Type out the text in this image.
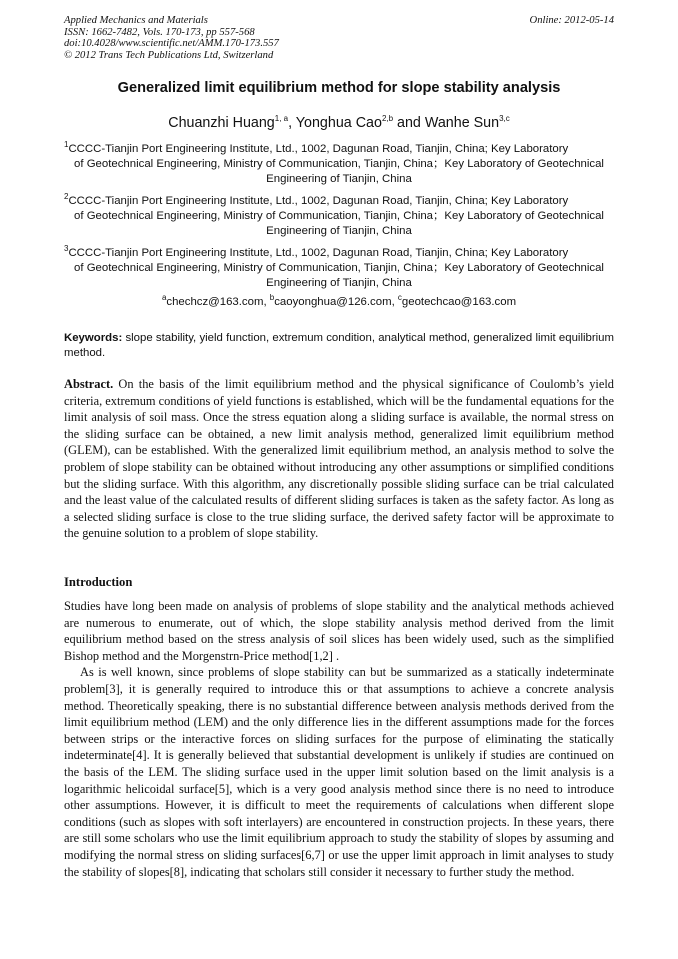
Applied Mechanics and Materials
ISSN: 1662-7482, Vols. 170-173, pp 557-568
doi:10.4028/www.scientific.net/AMM.170-173.557
© 2012 Trans Tech Publications Ltd, Switzerland
Online: 2012-05-14
Generalized limit equilibrium method for slope stability analysis
Chuanzhi Huang$^{1, a}$, Yonghua Cao$^{2,b}$ and Wanhe Sun$^{3,c}$
$^1$CCCC-Tianjin Port Engineering Institute, Ltd., 1002, Dagunan Road, Tianjin, China; Key Laboratory
of Geotechnical Engineering, Ministry of Communication, Tianjin, China；Key Laboratory of Geotechnical Engineering of Tianjin, China
$^2$CCCC-Tianjin Port Engineering Institute, Ltd., 1002, Dagunan Road, Tianjin, China; Key Laboratory
of Geotechnical Engineering, Ministry of Communication, Tianjin, China；Key Laboratory of Geotechnical Engineering of Tianjin, China
$^3$CCCC-Tianjin Port Engineering Institute, Ltd., 1002, Dagunan Road, Tianjin, China; Key Laboratory
of Geotechnical Engineering, Ministry of Communication, Tianjin, China；Key Laboratory of Geotechnical Engineering of Tianjin, China
$^a$chechcz@163.com, $^b$caoyonghua@126.com, $^c$geotechcao@163.com
Keywords: slope stability, yield function, extremum condition, analytical method, generalized limit equilibrium method.
Abstract. On the basis of the limit equilibrium method and the physical significance of Coulomb’s yield criteria, extremum conditions of yield functions is established, which will be the fundamental equations for the limit analysis of soil mass. Once the stress equation along a sliding surface is available, the normal stress on the sliding surface can be obtained, a new limit analysis method, generalized limit equilibrium method (GLEM), can be established. With the generalized limit equilibrium method, an analysis method to solve the problem of slope stability can be obtained without introducing any other assumptions or simplified conditions but the sliding surface. With this algorithm, any discretionally possible sliding surface can be trial calculated and the least value of the calculated results of different sliding surfaces is taken as the safety factor. As long as a selected sliding surface is close to the true sliding surface, the derived safety factor will be approximate to the genuine solution to a problem of slope stability.
Introduction

Studies have long been made on analysis of problems of slope stability and the analytical methods achieved are numerous to enumerate, out of which, the slope stability analysis method derived from the limit equilibrium method based on the stress analysis of soil slices has been widely used, such as the simplified Bishop method and the Morgenstrn-Price method[1,2] .

As is well known, since problems of slope stability can but be summarized as a statically indeterminate problem[3], it is generally required to introduce this or that assumptions to achieve a concrete analysis method. Theoretically speaking, there is no substantial difference between analysis methods derived from the limit equilibrium method (LEM) and the only difference lies in the different assumptions made for the forces between strips or the interactive forces on sliding surfaces for the purpose of eliminating the statically indeterminate[4]. It is generally believed that substantial development is unlikely if studies are continued on the basis of the LEM. The sliding surface used in the upper limit solution based on the limit analysis is a logarithmic helicoidal surface[5], which is a very good analysis method since there is no need to introduce other assumptions. However, it is difficult to meet the requirements of calculations when different slope conditions (such as slopes with soft interlayers) are encountered in construction projects. In these years, there are still some scholars who use the limit equilibrium approach to study the stability of slopes by assuming and modifying the normal stress on sliding surfaces[6,7] or use the upper limit approach in limit analyses to study the stability of slopes[8], indicating that scholars still consider it necessary to further study the method.
